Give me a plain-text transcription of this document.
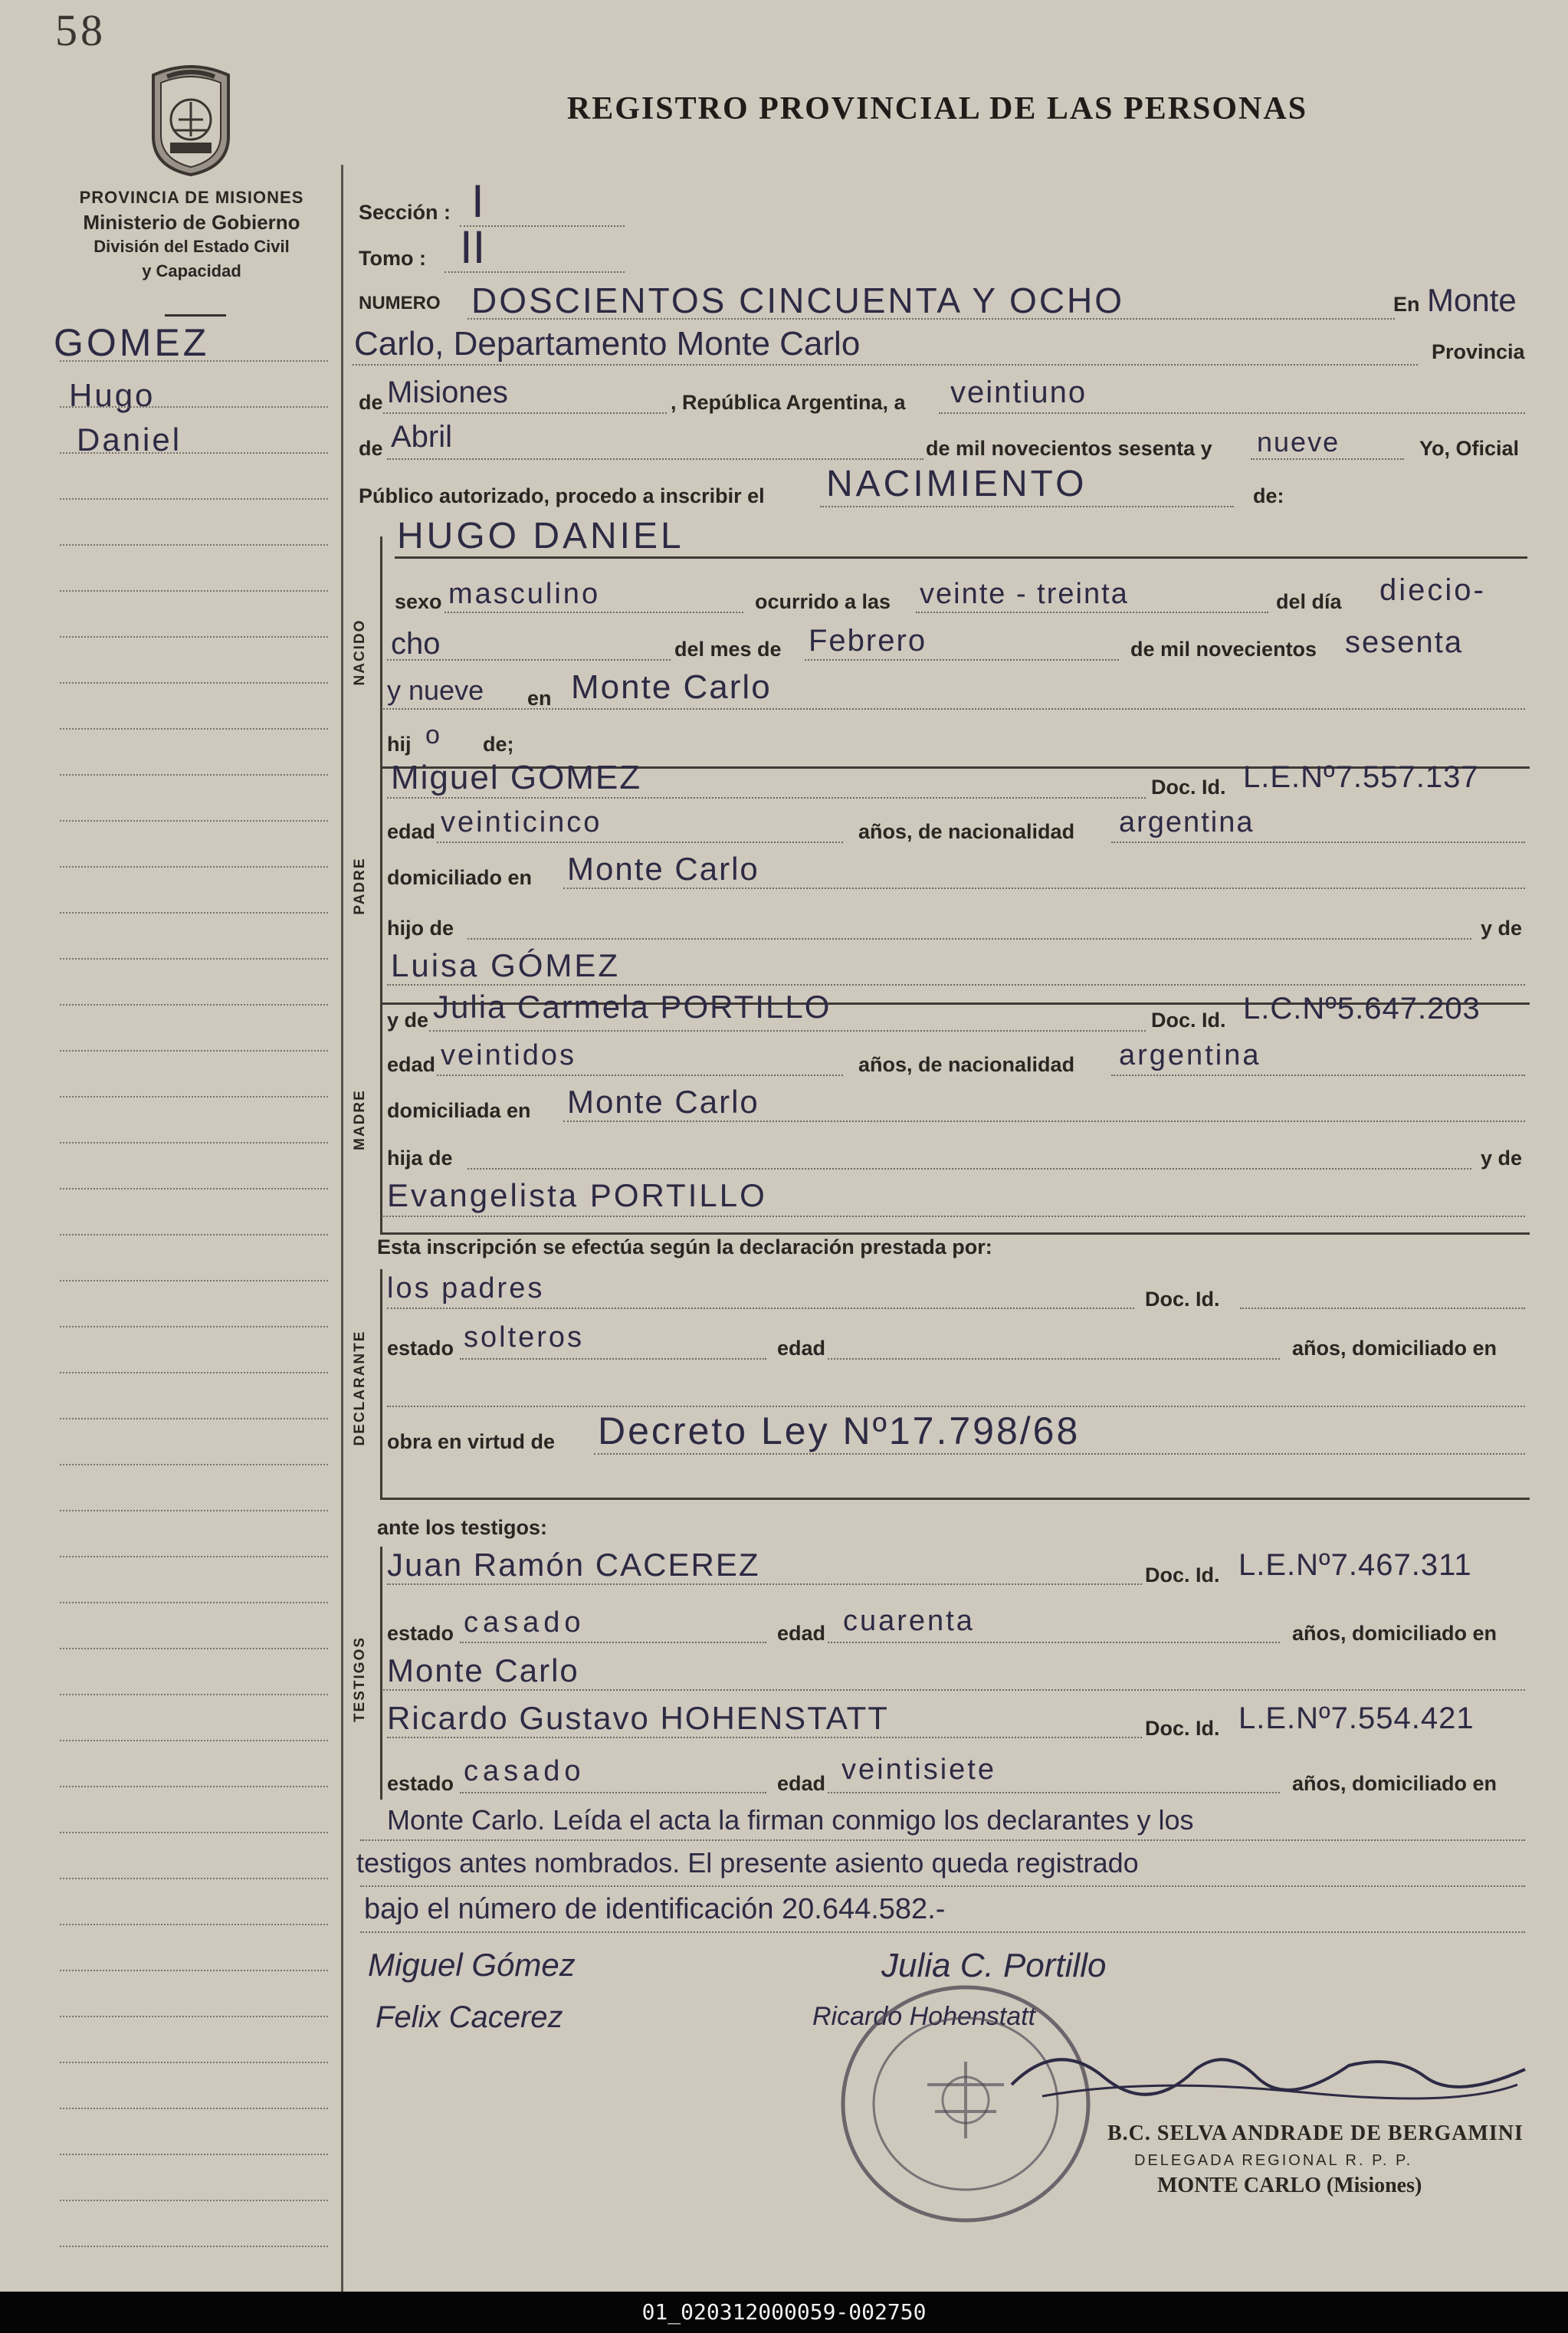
58
REGISTRO PROVINCIAL DE LAS PERSONAS
PROVINCIA DE MISIONES
Ministerio de Gobierno
División del Estado Civil
y Capacidad
GOMEZ
Hugo
Daniel
Sección : I
Tomo : II
NUMERO DOSCIENTOS CINCUENTA Y OCHO	En Monte
Carlo, Departamento Monte Carlo	Provincia
de Misiones	, República Argentina, a veintiuno
de Abril	de mil novecientos sesenta y nueve	Yo, Oficial
Público autorizado, procedo a inscribir el NACIMIENTO	de:
NACIDO
HUGO DANIEL
sexo masculino	ocurrido a las veinte - treinta	del día diecio-
cho	del mes de Febrero	de mil novecientos sesenta
y nueve en Monte Carlo
hij o de;
PADRE
Miguel GOMEZ	Doc. Id. L.E.Nº7.557.137
edad veinticinco	años, de nacionalidad argentina
domiciliado en Monte Carlo
hijo de	y de
Luisa GÓMEZ
MADRE
y de Julia Carmela PORTILLO	Doc. Id. L.C.Nº5.647.203
edad veintidos	años, de nacionalidad argentina
domiciliada en Monte Carlo
hija de	y de
Evangelista PORTILLO
Esta inscripción se efectúa según la declaración prestada por:
DECLARANTE
los padres	Doc. Id.
estado solteros	edad	años, domiciliado en
obra en virtud de Decreto Ley Nº17.798/68
ante los testigos:
TESTIGOS
Juan Ramón CACEREZ	Doc. Id. L.E.Nº7.467.311
estado casado	edad cuarenta	años, domiciliado en
Monte Carlo
Ricardo Gustavo HOHENSTATT	Doc. Id. L.E.Nº7.554.421
estado casado	edad veintisiete	años, domiciliado en
Monte Carlo. Leída el acta la firman conmigo los declarantes y los
testigos antes nombrados. El presente asiento queda registrado
bajo el número de identificación 20.644.582.-
Miguel Gómez	Julia C. Portillo
Ricardo Hohenstatt
Felix Cacerez
B.C. SELVA ANDRADE DE BERGAMINI
DELEGADA REGIONAL R. P. P.
MONTE CARLO (Misiones)
01_020312000059-002750
